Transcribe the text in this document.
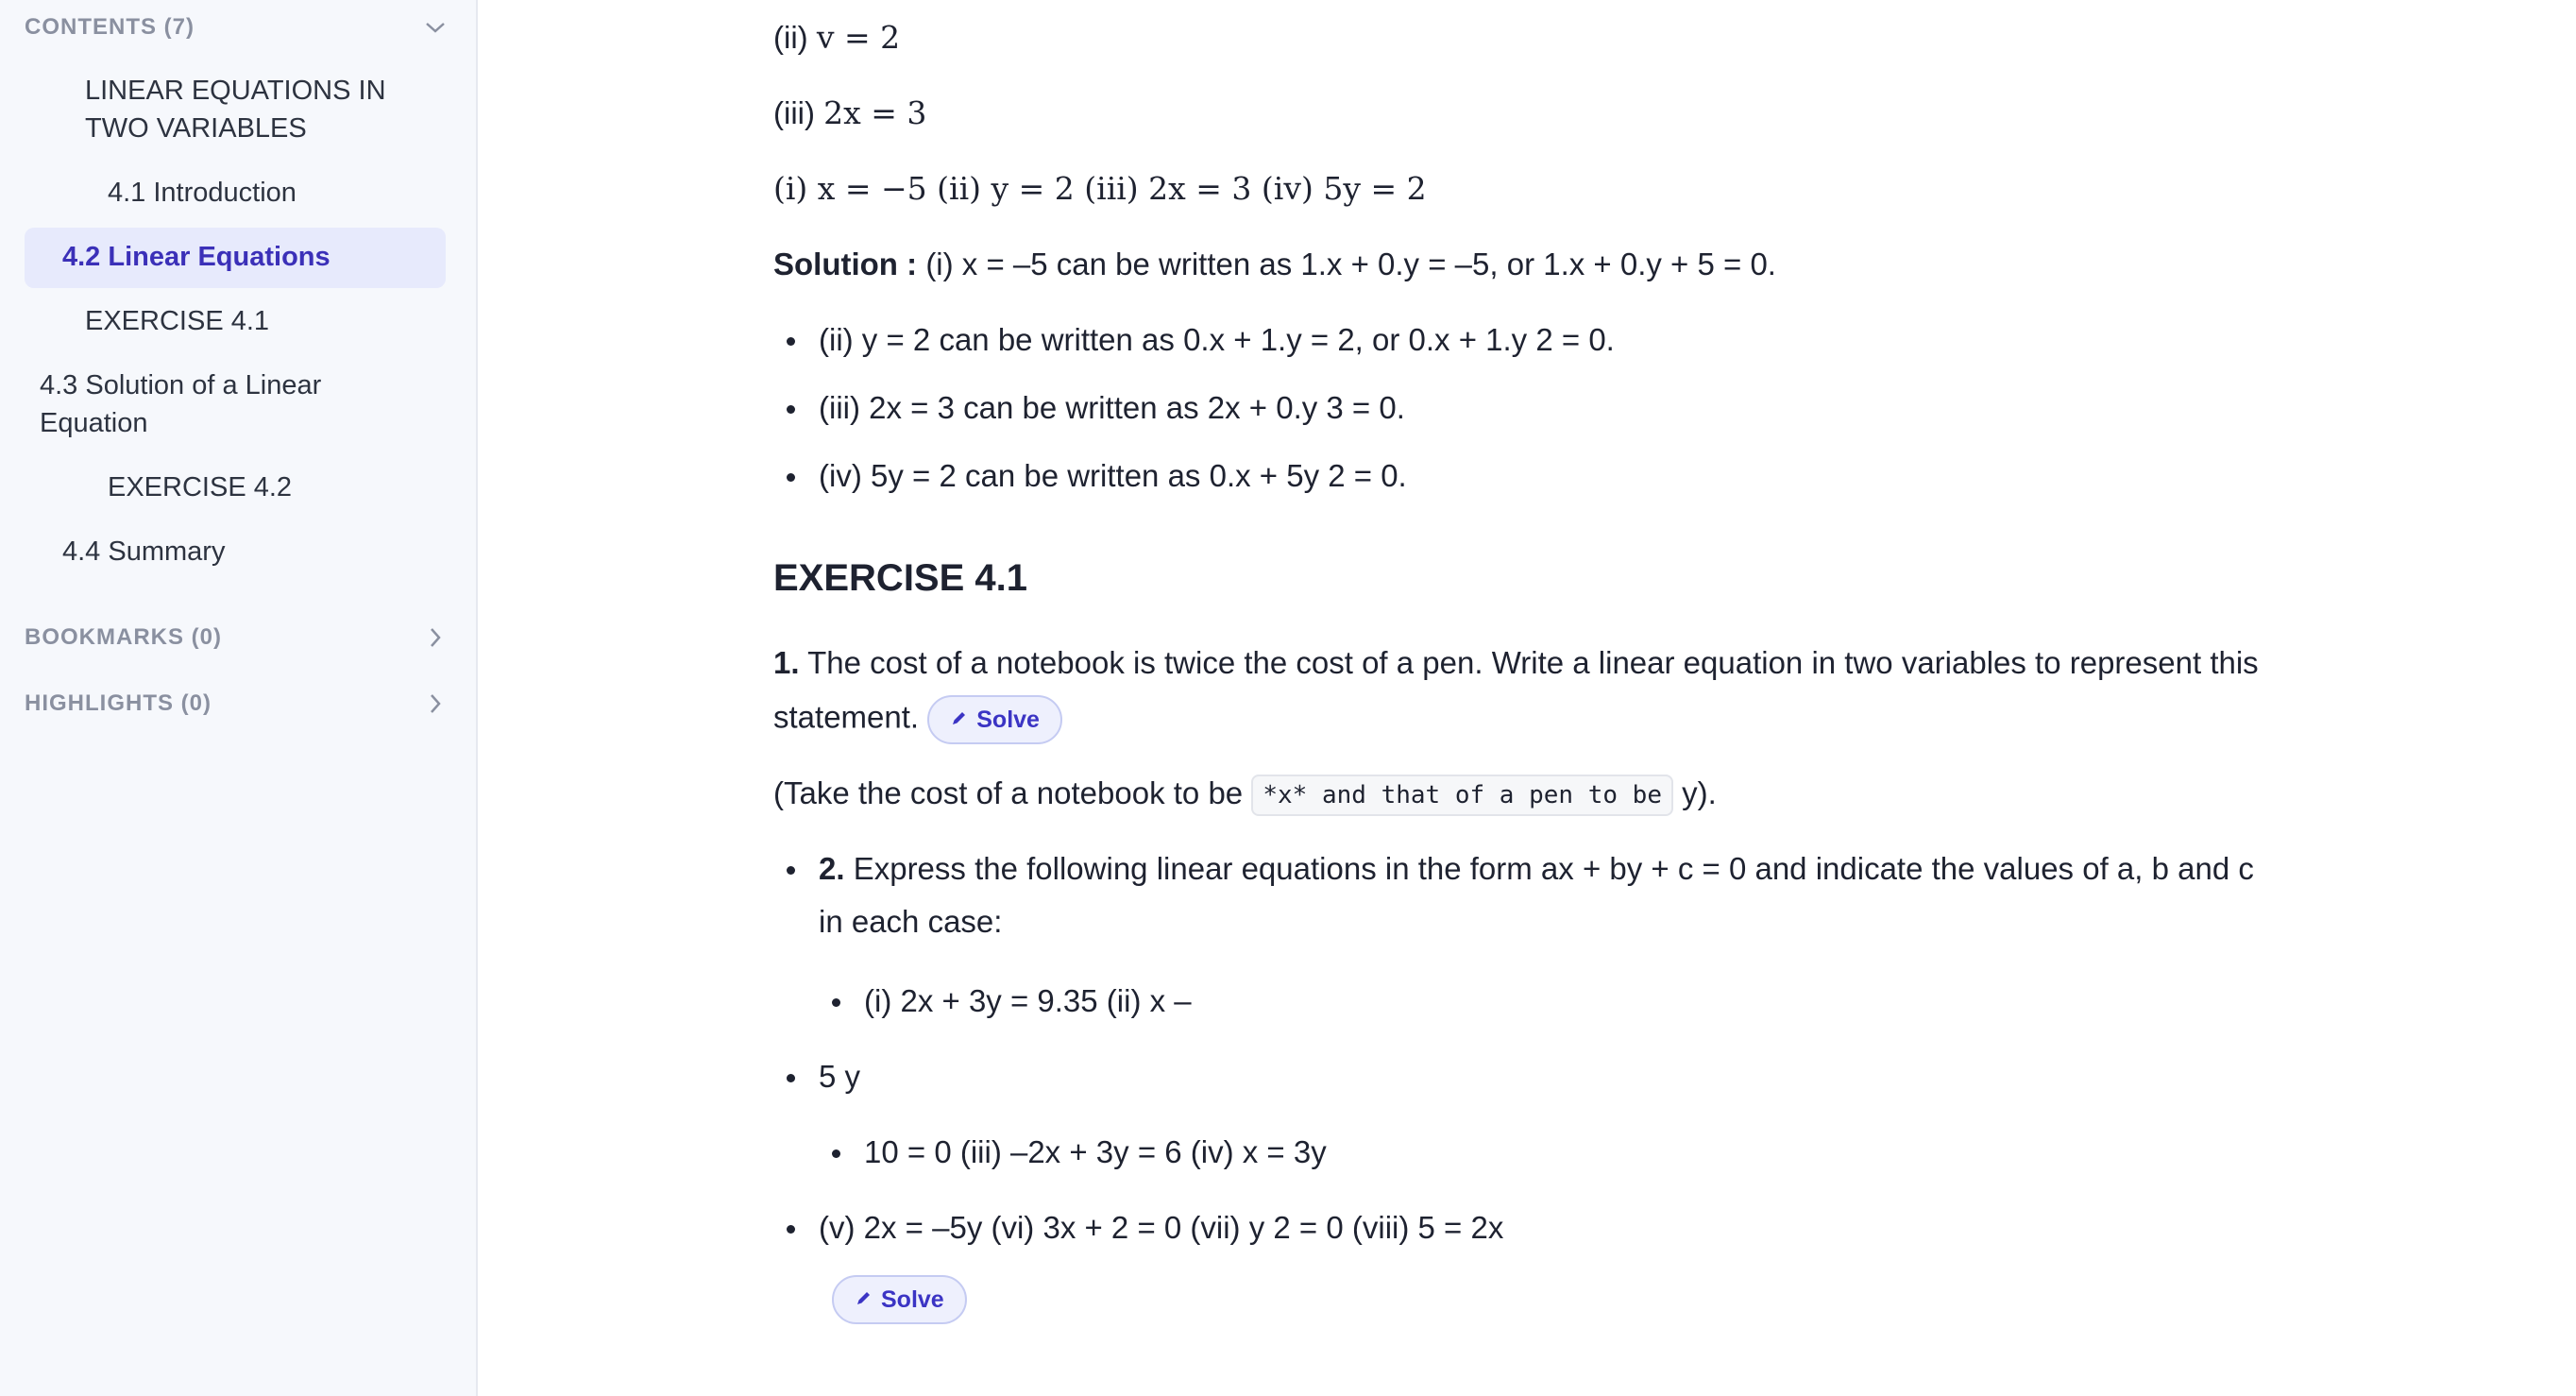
CONTENTS (7)
LINEAR EQUATIONS IN TWO VARIABLES
4.1 Introduction
4.2 Linear Equations
EXERCISE 4.1
4.3 Solution of a Linear Equation
EXERCISE 4.2
4.4 Summary
BOOKMARKS (0)
HIGHLIGHTS (0)
(ii) v = 2
(iii) 2x = 3
(i) x = −5 (ii) y = 2 (iii) 2x = 3 (iv) 5y = 2
Solution : (i) x = –5 can be written as 1.x + 0.y = –5, or 1.x + 0.y + 5 = 0.
(ii) y = 2 can be written as 0.x + 1.y = 2, or 0.x + 1.y 2 = 0.
(iii) 2x = 3 can be written as 2x + 0.y 3 = 0.
(iv) 5y = 2 can be written as 0.x + 5y 2 = 0.
EXERCISE 4.1
1. The cost of a notebook is twice the cost of a pen. Write a linear equation in two variables to represent this
statement. Solve
(Take the cost of a notebook to be *x* and that of a pen to be y).
2. Express the following linear equations in the form ax + by + c = 0 and indicate the values of a, b and c
in each case:
(i) 2x + 3y = 9.35 (ii) x –
5 y
10 = 0 (iii) –2x + 3y = 6 (iv) x = 3y
(v) 2x = –5y (vi) 3x + 2 = 0 (vii) y 2 = 0 (viii) 5 = 2x
Solve
